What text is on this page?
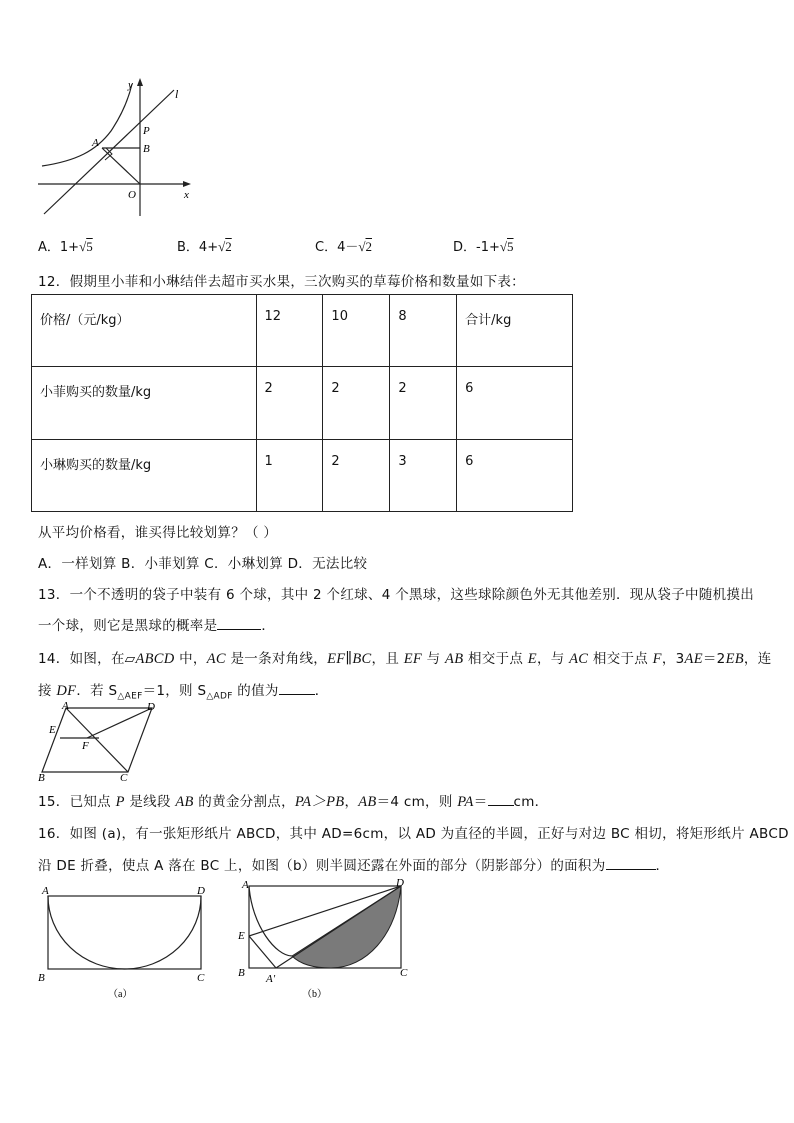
y
l
P
A	B
O	x
A．1+√5	B．4+√2	C．4－√2	D．-1+√5
12．假期里小菲和小琳结伴去超市买水果，三次购买的草莓价格和数量如下表：
价格/（元/kg）	12	10	8	合计/kg
小菲购买的数量/kg	2	2	2	6
小琳购买的数量/kg	1	2	3	6
从平均价格看，谁买得比较划算？（ ）
A．一样划算 B．小菲划算 C．小琳划算 D．无法比较
13．一个不透明的袋子中装有 6 个球，其中 2 个红球、4 个黑球，这些球除颜色外无其他差别．现从袋子中随机摸出
一个球，则它是黑球的概率是	．
14．如图，在▱ABCD 中，AC 是一条对角线，EF∥BC，且 EF 与 AB 相交于点 E，与 AC 相交于点 F，3AE＝2EB，连
接 DF．若 $S_{\triangle AEF}=1$，则 $S_{\triangle ADF}$ 的值为	．
A	D
E
F
B	C
15．已知点 P 是线段 AB 的黄金分割点，PA＞PB，AB＝4 cm，则 PA＝ cm．
16．如图 (a)，有一张矩形纸片 ABCD，其中 AD=6cm，以 AD 为直径的半圆，正好与对边 BC 相切，将矩形纸片 ABCD
沿 DE 折叠，使点 A 落在 BC 上，如图（b）则半圆还露在外面的部分（阴影部分）的面积为	．
A	D
B	C
（a）
A	D
E
B A′	C
（b）
